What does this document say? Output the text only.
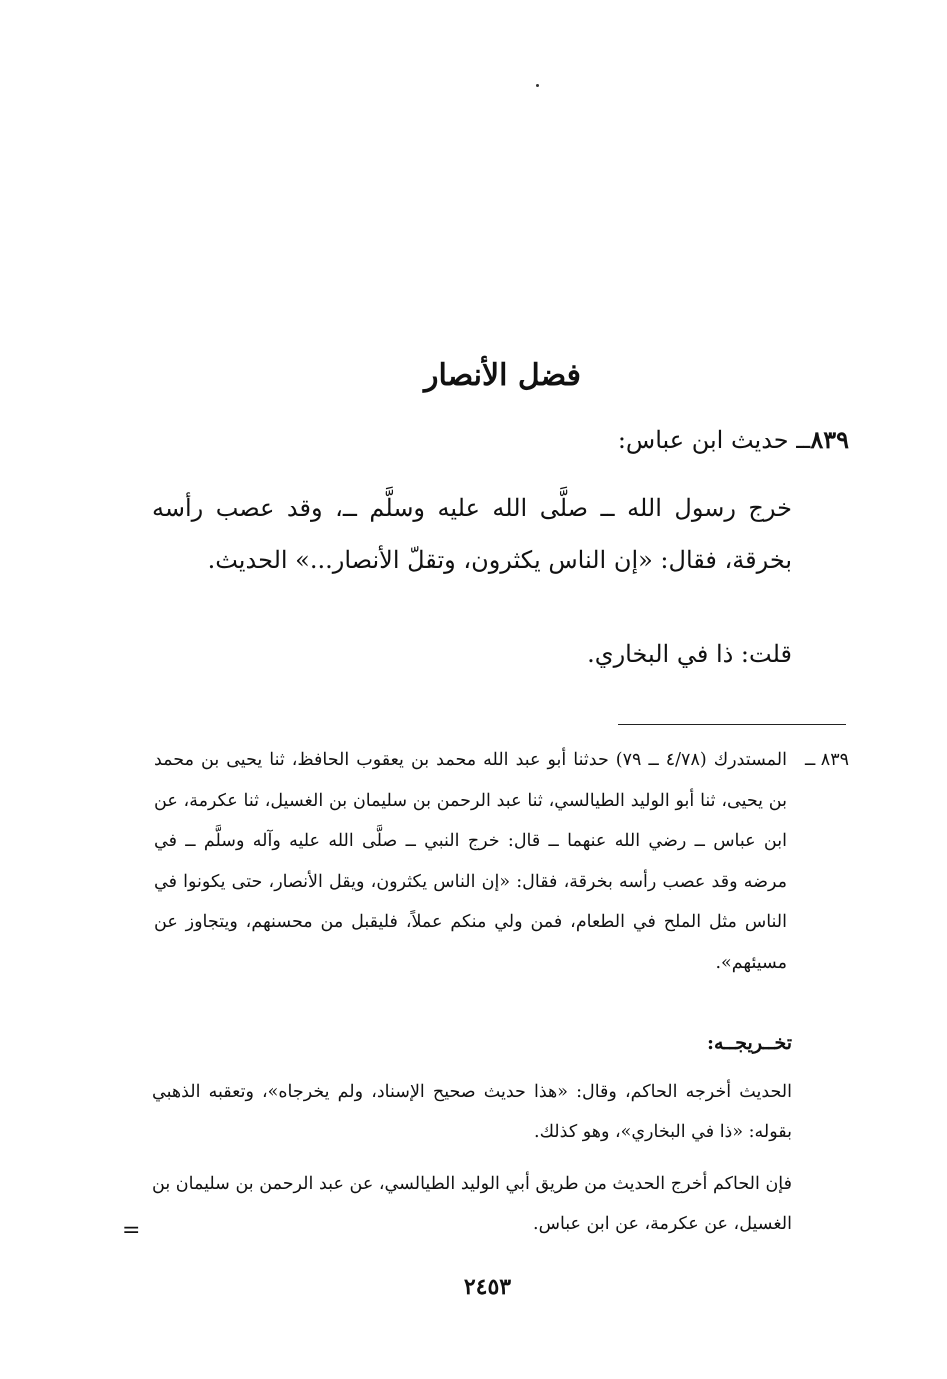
فضل الأنصار

٨٣٩ــ حديث ابن عباس:

خرج رسول الله ــ صلَّى الله عليه وسلَّم ــ، وقد عصب رأسه بخرقة، فقال: «إن الناس يكثرون، وتقلّ الأنصار...» الحديث.

قلت: ذا في البخاري.

٨٣٩ ــ

المستدرك (٤/٧٨ ــ ٧٩) حدثنا أبو عبد الله محمد بن يعقوب الحافظ، ثنا يحيى بن محمد بن يحيى، ثنا أبو الوليد الطيالسي، ثنا عبد الرحمن بن سليمان بن الغسيل، ثنا عكرمة، عن ابن عباس ــ رضي الله عنهما ــ قال: خرج النبي ــ صلَّى الله عليه وآله وسلَّم ــ في مرضه وقد عصب رأسه بخرقة، فقال: «إن الناس يكثرون، ويقل الأنصار، حتى يكونوا في الناس مثل الملح في الطعام، فمن ولي منكم عملاً، فليقبل من محسنهم، ويتجاوز عن مسيئهم».

تخــريجــه:

الحديث أخرجه الحاكم، وقال: «هذا حديث صحيح الإسناد، ولم يخرجاه»، وتعقبه الذهبي بقوله: «ذا في البخاري»، وهو كذلك.

فإن الحاكم أخرج الحديث من طريق أبي الوليد الطيالسي، عن عبد الرحمن بن سليمان بن الغسيل، عن عكرمة، عن ابن عباس.

=

٢٤٥٣
